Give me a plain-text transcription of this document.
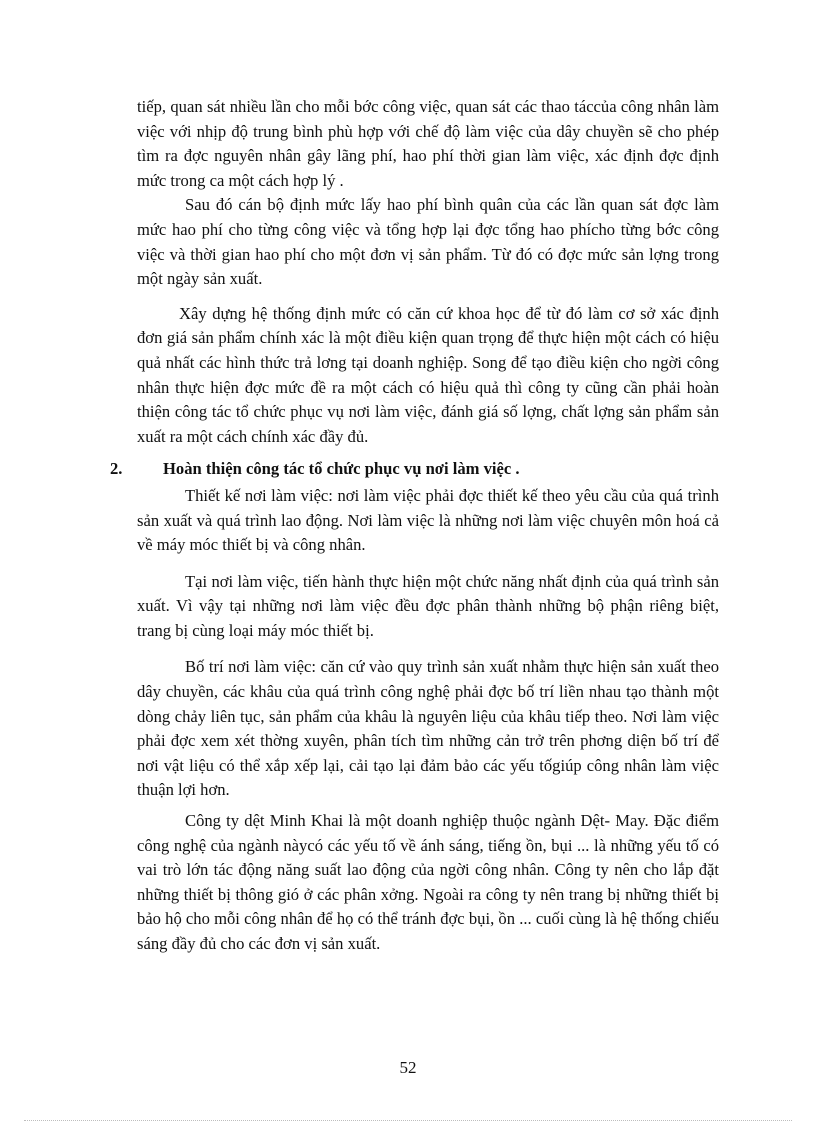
tiếp, quan sát nhiều lần cho mỗi bớc công việc, quan sát các thao táccủa công nhân làm việc với nhịp độ trung bình phù hợp với chế độ làm việc của dây chuyền sẽ cho phép tìm ra đợc nguyên nhân gây lãng phí, hao phí thời gian làm việc, xác định đợc định mức trong ca một cách hợp lý .

Sau đó cán bộ định mức lấy hao phí bình quân của các lần quan sát đợc làm mức hao phí cho từng công việc và tổng hợp lại đợc tổng hao phícho từng bớc công việc và thời gian hao phí cho một đơn vị sản phẩm. Từ đó có đợc mức sản lợng trong một ngày sản xuất.

Xây dựng hệ thống định mức có căn cứ khoa học để từ đó làm cơ sở xác định đơn giá sản phẩm chính xác là một điều kiện quan trọng để thực hiện một cách có hiệu quả nhất các hình thức trả lơng tại doanh nghiệp. Song để tạo điều kiện cho ngời công nhân thực hiện đợc mức đề ra một cách có hiệu quả thì công ty cũng cần phải hoàn thiện công tác tổ chức phục vụ nơi làm việc, đánh giá số lợng, chất lợng sản phẩm sản xuất ra một cách chính xác đầy đủ.

2. Hoàn thiện công tác tổ chức phục vụ nơi làm việc .

Thiết kế nơi làm việc: nơi làm việc phải đợc thiết kế theo yêu cầu của quá trình sản xuất và quá trình lao động. Nơi làm việc là những nơi làm việc chuyên môn hoá cả về máy móc thiết bị và công nhân.

Tại nơi làm việc, tiến hành thực hiện một chức năng nhất định của quá trình sản xuất. Vì vậy tại những nơi làm việc đều đợc phân thành những bộ phận riêng biệt, trang bị cùng loại máy móc thiết bị.

Bố trí nơi làm việc: căn cứ vào quy trình sản xuất nhằm thực hiện sản xuất theo dây chuyền, các khâu của quá trình công nghệ phải đợc bố trí liền nhau tạo thành một dòng chảy liên tục, sản phẩm của khâu là nguyên liệu của khâu tiếp theo. Nơi làm việc phải đợc xem xét thờng xuyên, phân tích tìm những cản trở trên phơng diện bố trí để nơi vật liệu có thể xắp xếp lại, cải tạo lại đảm bảo các yếu tốgiúp công nhân làm việc thuận lợi hơn.

Công ty dệt Minh Khai là một doanh nghiệp thuộc ngành Dệt- May. Đặc điểm công nghệ của ngành nàycó các yếu tố về ánh sáng, tiếng ồn, bụi ... là những yếu tố có vai trò lớn tác động năng suất lao động của ngời công nhân. Công ty nên cho lắp đặt những thiết bị thông gió ở các phân xởng. Ngoài ra công ty nên trang bị những thiết bị bảo hộ cho mỗi công nhân để họ có thể tránh đợc bụi, ồn ... cuối cùng là hệ thống chiếu sáng đầy đủ cho các đơn vị sản xuất.

52
